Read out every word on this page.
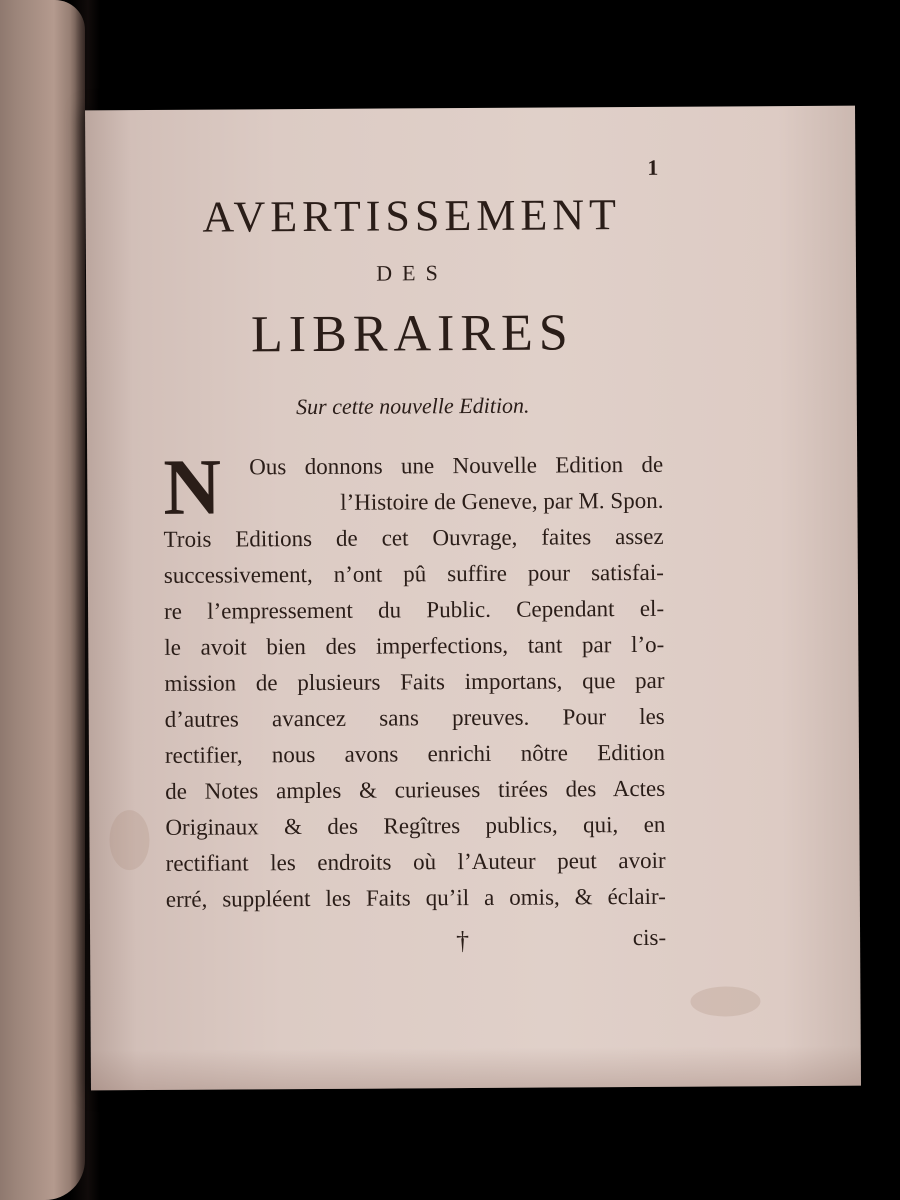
1
AVERTISSEMENT
DES
LIBRAIRES
Sur cette nouvelle Edition.
N	Ous donnons une Nouvelle Edition de
l’Histoire de Geneve, par M. Spon.
Trois Editions de cet Ouvrage, faites assez
successivement, n’ont pû suffire pour satisfai-
re l’empressement du Public. Cependant el-
le avoit bien des imperfections, tant par l’o-
mission de plusieurs Faits importans, que par
d’autres avancez sans preuves. Pour les
rectifier, nous avons enrichi nôtre Edition
de Notes amples & curieuses tirées des Actes
Originaux & des Regîtres publics, qui, en
rectifiant les endroits où l’Auteur peut avoir
erré, suppléent les Faits qu’il a omis, & éclair-
†	cis-
